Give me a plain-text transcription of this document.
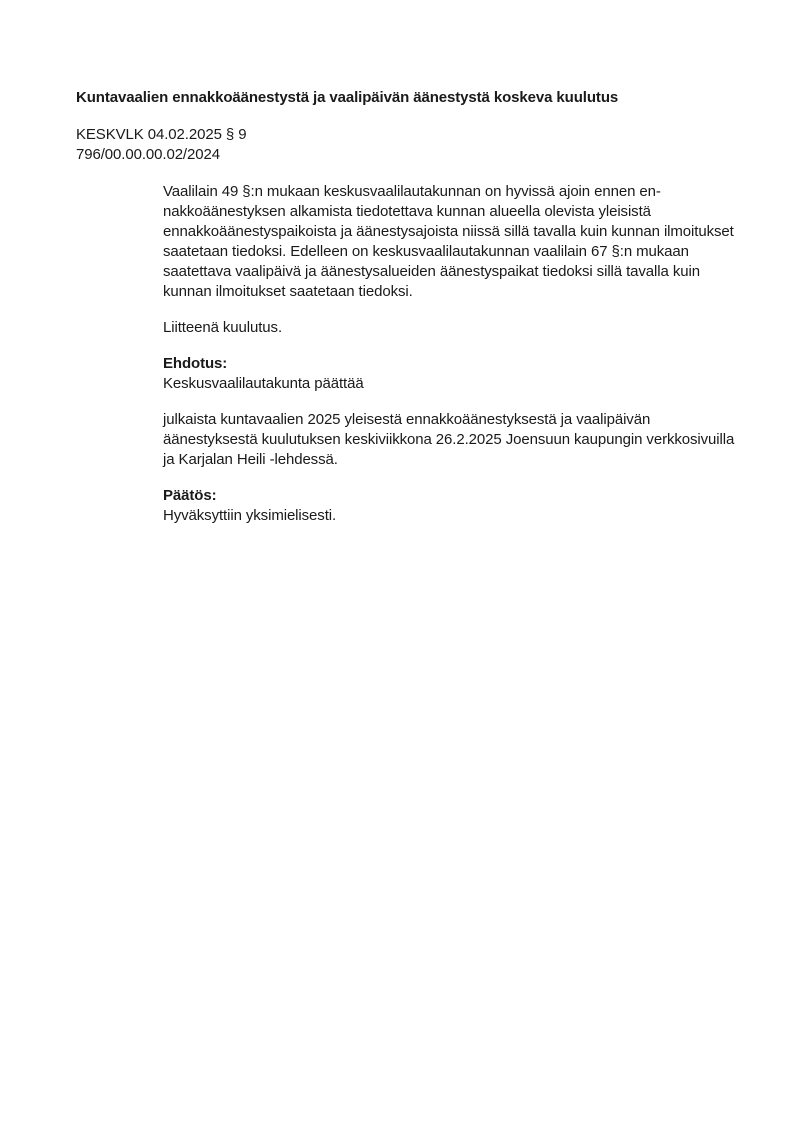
Kuntavaalien ennakkoäänestystä ja vaalipäivän äänestystä koskeva kuulutus
KESKVLK 04.02.2025 § 9
796/00.00.00.02/2024
Vaalilain 49 §:n mukaan keskusvaalilautakunnan on hyvissä ajoin ennen en-
nakkoäänestyksen alkamista tiedotettava kunnan alueella olevista yleisistä
ennakkoäänestyspaikoista ja äänestysajoista niissä sillä tavalla kuin kunnan ilmoitukset
saatetaan tiedoksi. Edelleen on keskusvaalilautakunnan vaalilain 67 §:n mukaan
saatettava vaalipäivä ja äänestysalueiden äänestyspaikat tiedoksi sillä tavalla kuin
kunnan ilmoitukset saatetaan tiedoksi.
Liitteenä kuulutus.
Ehdotus:
Keskusvaalilautakunta päättää
julkaista kuntavaalien 2025 yleisestä ennakkoäänestyksestä ja vaalipäivän
äänestyksestä kuulutuksen keskiviikkona 26.2.2025 Joensuun kaupungin verkkosivuilla
ja Karjalan Heili -lehdessä.
Päätös:
Hyväksyttiin yksimielisesti.
